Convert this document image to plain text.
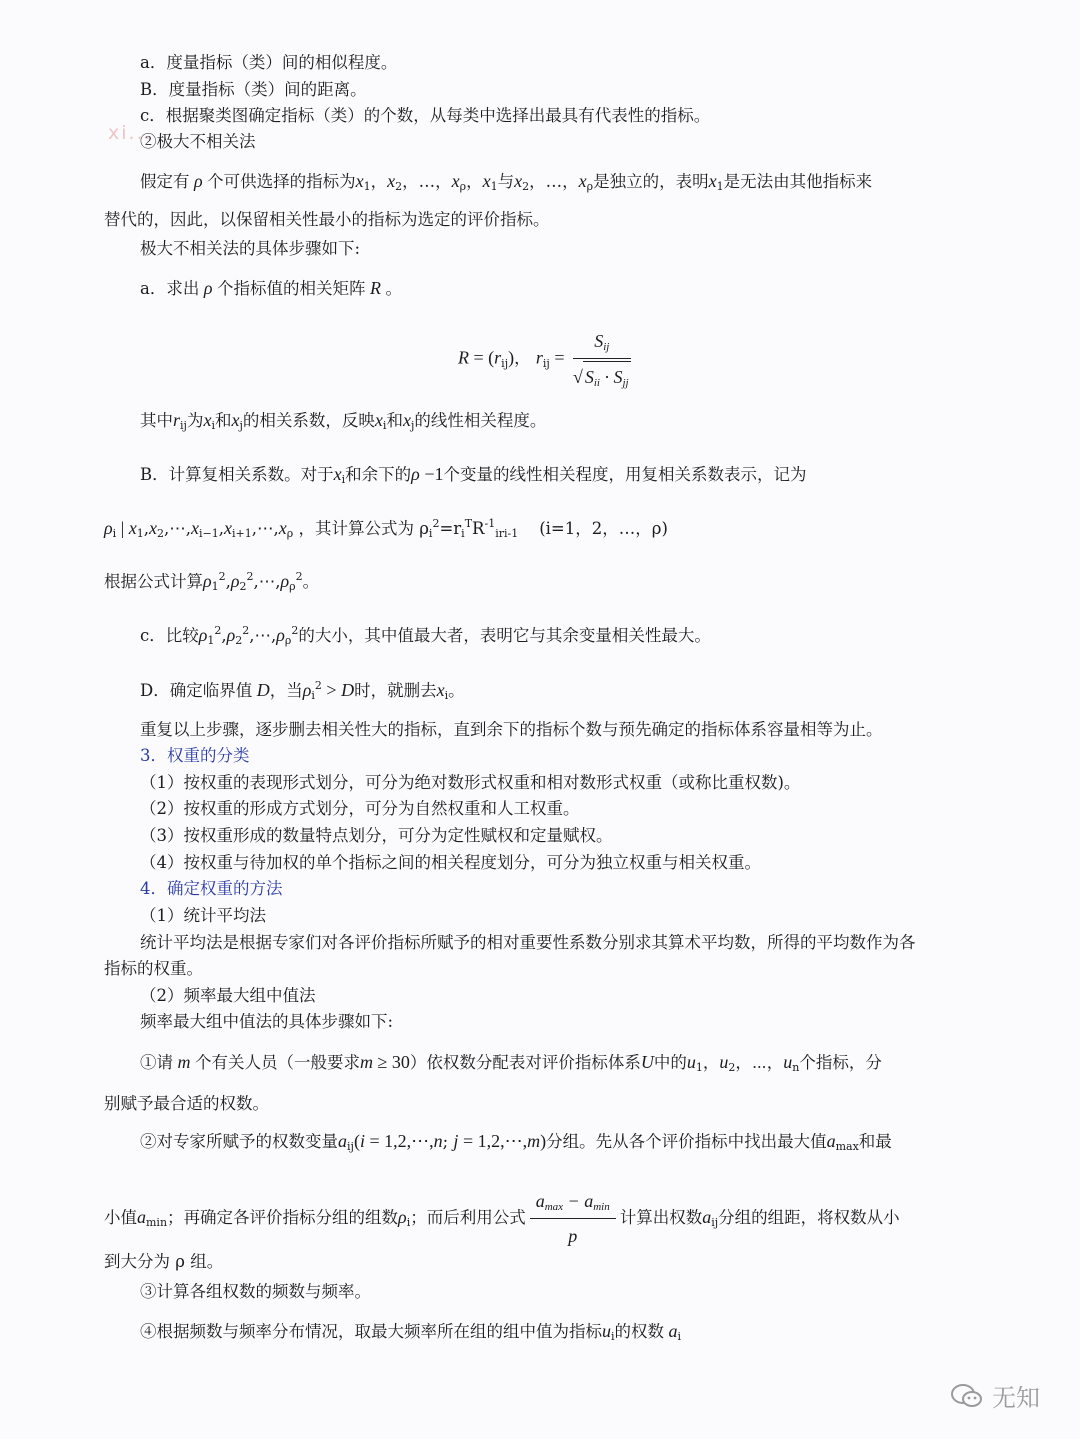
xi...
a．度量指标（类）间的相似程度。
B．度量指标（类）间的距离。
c．根据聚类图确定指标（类）的个数，从每类中选择出最具有代表性的指标。
②极大不相关法
假定有 ρ 个可供选择的指标为$x_1$，$x_2$，…，$x_\rho$，$x_1$与$x_2$，…，$x_\rho$是独立的，表明$x_1$是无法由其他指标来
替代的，因此，以保留相关性最小的指标为选定的评价指标。
极大不相关法的具体步骤如下:
a．求出 ρ 个指标值的相关矩阵 R 。
$R = (r_{ij})$， $r_{ij} = \frac{S_{ij}}{√ S_{ii} \cdot S_{jj}}$
其中$r_{ij}$为$x_i$和$x_j$的相关系数，反映$x_i$和$x_j$的线性相关程度。
B．计算复相关系数。对于$x_i$和余下的ρ −1个变量的线性相关程度，用复相关系数表示，记为
$\rho_i$ | $x_1,x_2,\cdots,x_{i-1},x_{i+1},\cdots,x_\rho$ ，其计算公式为 $\rho_i^2=r_i^TR^{-1}_{iri-1}$ (i=1，2，…，ρ)
根据公式计算$\rho_1^2,\rho_2^2,\cdots,\rho_\rho^2$。
c．比较$\rho_1^2,\rho_2^2,\cdots,\rho_\rho^2$的大小，其中值最大者，表明它与其余变量相关性最大。
D．确定临界值 D，当$\rho_i^2 > D$时，就删去$x_i$。
重复以上步骤，逐步删去相关性大的指标，直到余下的指标个数与预先确定的指标体系容量相等为止。
3．权重的分类
（1）按权重的表现形式划分，可分为绝对数形式权重和相对数形式权重（或称比重权数)。
（2）按权重的形成方式划分，可分为自然权重和人工权重。
（3）按权重形成的数量特点划分，可分为定性赋权和定量赋权。
（4）按权重与待加权的单个指标之间的相关程度划分，可分为独立权重与相关权重。
4．确定权重的方法
（1）统计平均法
统计平均法是根据专家们对各评价指标所赋予的相对重要性系数分别求其算术平均数，所得的平均数作为各
指标的权重。
（2）频率最大组中值法
频率最大组中值法的具体步骤如下:
①请 m 个有关人员（一般要求m ≥ 30）依权数分配表对评价指标体系U中的$u_1$，$u_2$，⋯，$u_n$个指标，分
别赋予最合适的权数。
②对专家所赋予的权数变量$a_{ij}(i$ = 1,2,⋯,n; j = 1,2,⋯,m)分组。先从各个评价指标中找出最大值$a_{max}$和最
小值$a_{min}$；再确定各评价指标分组的组数$\rho_i$；而后利用公式 $\frac{a_{max} - a_{min}}{p}$ 计算出权数$a_{ij}$分组的组距，将权数从小
到大分为 ρ 组。
③计算各组权数的频数与频率。
④根据频数与频率分布情况，取最大频率所在组的组中值为指标$u_i$的权数 $a_i$
无知
